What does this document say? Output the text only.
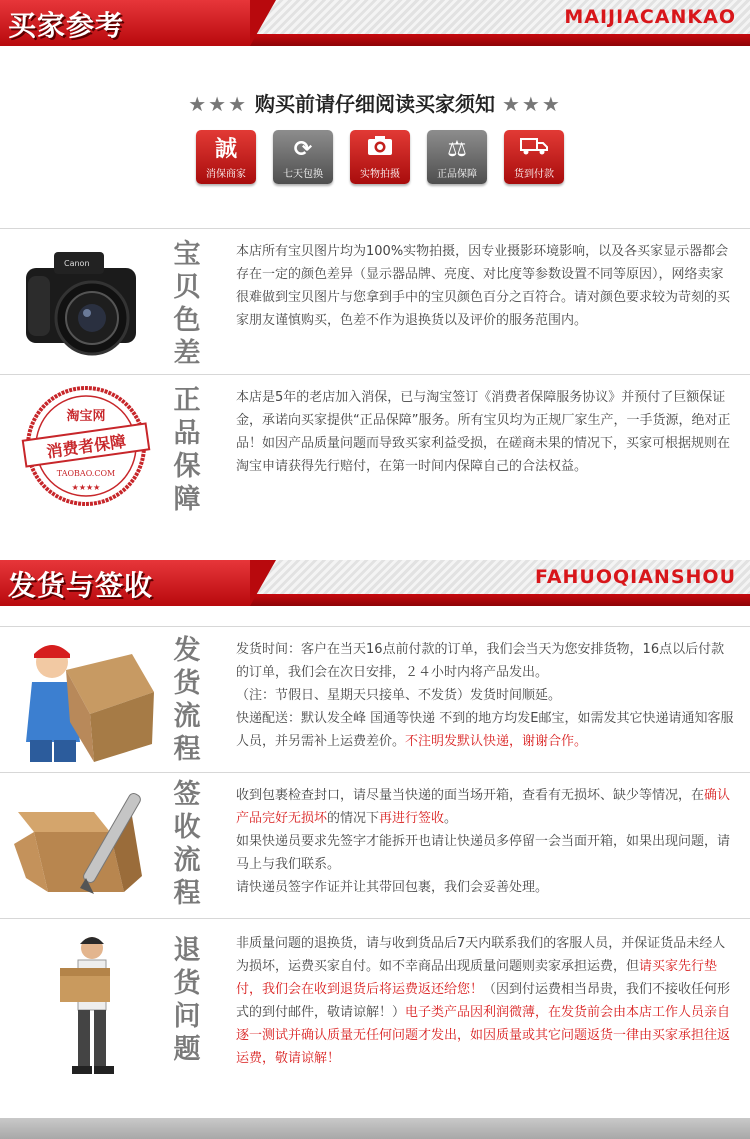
买家参考	MAIJIACANKAO
★★★ 购买前请仔细阅读买家须知 ★★★
誠
消保商家
⟳
七天包换	实物拍摄
⚖
正品保障	货到付款
Canon	宝
贝
色
差

本店所有宝贝图片均为100%实物拍摄，因专业摄影环境影响，以及各买家显示器都会存在一定的颜色差异（显示器品牌、亮度、对比度等参数设置不同等原因），网络卖家很难做到宝贝图片与您拿到手中的宝贝颜色百分之百符合。请对颜色要求较为苛刻的买家朋友谨慎购买，色差不作为退换货以及评价的服务范围内。

淘宝网
消费者保障
TAOBAO.COM
★★★★
正
品
保
障

本店是5年的老店加入消保，已与淘宝签订《消费者保障服务协议》并预付了巨额保证金，承诺向买家提供“正品保障”服务。所有宝贝均为正规厂家生产，一手货源，绝对正品！如因产品质量问题而导致买家利益受损，在磋商未果的情况下，买家可根据规则在淘宝申请获得先行赔付，在第一时间内保障自己的合法权益。

发货与签收	FAHUOQIANSHOU
发
货
流
程

发货时间：客户在当天16点前付款的订单，我们会当天为您安排货物，16点以后付款的订单，我们会在次日安排，２４小时内将产品发出。

（注：节假日、星期天只接单、不发货）发货时间顺延。

快递配送：默认发全峰 国通等快递 不到的地方均发E邮宝，如需发其它快递请通知客服人员，并另需补上运费差价。不注明发默认快递，谢谢合作。

签
收
流
程

收到包裹检查封口，请尽量当快递的面当场开箱，查看有无损坏、缺少等情况，在确认产品完好无损坏的情况下再进行签收。

如果快递员要求先签字才能拆开也请让快递员多停留一会当面开箱，如果出现问题，请马上与我们联系。

请快递员签字作证并让其带回包裹，我们会妥善处理。

退
货
问
题

非质量问题的退换货，请与收到货品后7天内联系我们的客服人员，并保证货品未经人为损坏，运费买家自付。如不幸商品出现质量问题则卖家承担运费，但请买家先行垫付，我们会在收到退货后将运费返还给您！（因到付运费相当昂贵，我们不接收任何形式的到付邮件，敬请谅解！）电子类产品因利润微薄，在发货前会由本店工作人员亲自逐一测试并确认质量无任何问题才发出，如因质量或其它问题返货一律由买家承担往返运费，敬请谅解！
